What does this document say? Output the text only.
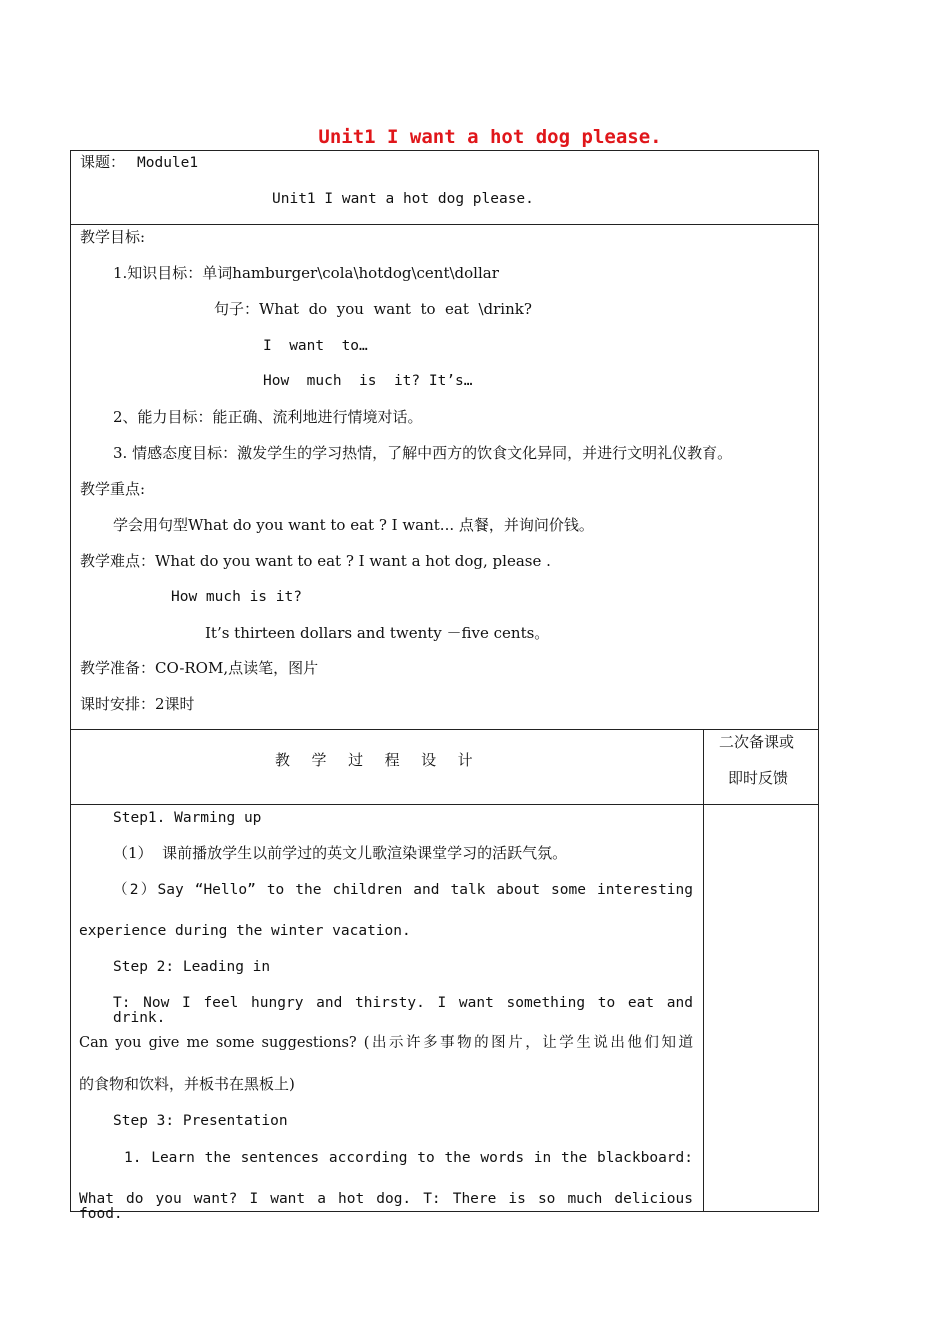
Unit1 I want a hot dog please.
课题： Module1
Unit1 I want a hot dog please.
教学目标:
1.知识目标：单词hamburger\cola\hotdog\cent\dollar
句子：What  do  you  want  to  eat  \drink?
I  want  to…
How  much  is  it? It’s…
2、能力目标：能正确、流利地进行情境对话。
3. 情感态度目标：激发学生的学习热情，了解中西方的饮食文化异同，并进行文明礼仪教育。
教学重点:
学会用句型What do you want to eat ? I want... 点餐，并询问价钱。
教学难点：What do you want to eat ? I want a hot dog, please .
How much is it?
It’s thirteen dollars and twenty －five cents。
教学准备：CO-ROM,点读笔，图片
课时安排：2课时
教  学  过  程  设  计
二次备课或
即时反馈
Step1. Warming up
（1）  课前播放学生以前学过的英文儿歌渲染课堂学习的活跃气氛。
（2）Say “Hello” to the children and talk about some interesting
experience during the winter vacation.
Step 2: Leading in
T: Now I feel hungry and thirsty. I want something to eat and drink.
Can you give me some suggestions? (出示许多事物的图片，让学生说出他们知道
的食物和饮料，并板书在黑板上)
Step 3: Presentation
1. Learn the sentences according to the words in the blackboard:
What do you want? I want a hot dog. T: There is so much delicious food.
